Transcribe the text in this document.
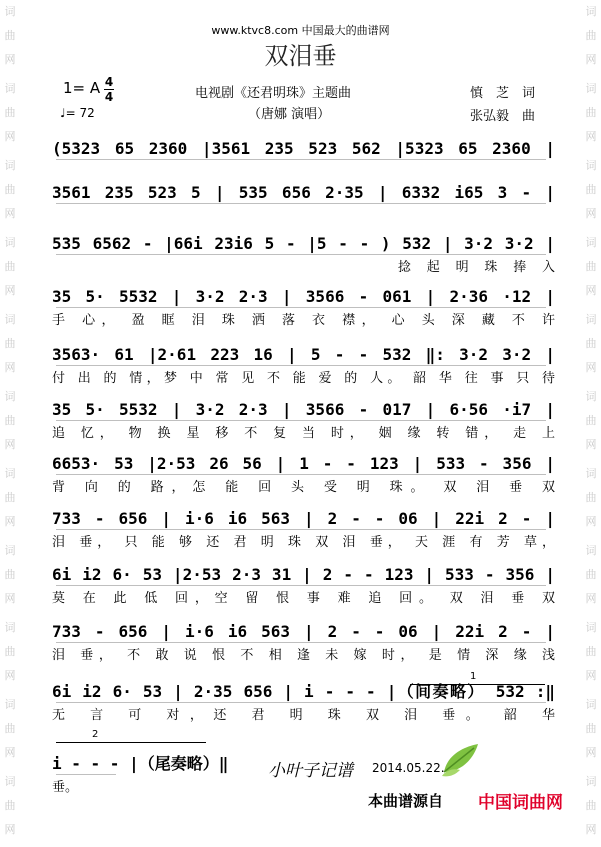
词
曲
网
词
曲
网
词
曲
网
词
曲
网
词
曲
网
词
曲
网
词
曲
网
词
曲
网
词
曲
网
词
曲
网
词
曲
网
词
曲
网
词
曲
网
词
曲
网
词
曲
网
词
曲
网
词
曲
网
词
曲
网
词
曲
网
词
曲
网
词
曲
网
词
曲
网
www.ktvc8.com 中国最大的曲谱网
双泪垂
1= A 4
4
♩= 72
电视剧《还君明珠》主题曲
（唐娜 演唱）
慎　芝　词
张弘毅　曲
(5323 65 2360 |3561 235 523 562 |5323 65 2360 |
3561 235 523 5 | 535 656 2·35 | 6332 i65 3 - |
535 6562 - |66i 23i6 5 - |5 - - ) 532 | 3·2 3·2 |
捻 起 明 珠 捧 入
35 5· 5532 | 3·2 2·3 | 3566 - 061 | 2·36 ·12 |
手 心， 盈 眶 泪 珠 洒 落 衣 襟， 心 头 深 藏 不 许
3563· 61 |2·61 223 16 | 5 - - 532 ‖: 3·2 3·2 |
付 出 的 情，梦 中 常 见 不 能 爱 的 人。 韶 华 往 事 只 待
35 5· 5532 | 3·2 2·3 | 3566 - 017 | 6·56 ·i7 |
追 忆， 物 换 星 移 不 复 当 时， 姻 缘 转 错， 走 上
6653· 53 |2·53 26 56 | 1 - - 123 | 533 - 356 |
背 向 的 路，怎 能 回 头 受 明 珠。 双 泪 垂 双
733 - 656 | i·6 i6 563 | 2 - - 06 | 22i 2 - |
泪 垂， 只 能 够 还 君 明 珠 双 泪 垂， 天 涯 有 芳 草，
6i i2 6· 53 |2·53 2·3 31 | 2 - - 123 | 533 - 356 |
莫 在 此 低 回，空 留 恨 事 难 追 回。 双 泪 垂 双
733 - 656 | i·6 i6 563 | 2 - - 06 | 22i 2 - |
泪 垂， 不 敢 说 恨 不 相 逢 未 嫁 时， 是 情 深 缘 浅
6i i2 6· 53 | 2·35 656 | i - - - |（间奏略） 532 :‖
无 言 可 对，还 君 明 珠 双 泪 垂。 韶 华
i - - - |（尾奏略）‖
垂。
1
2
小叶子记谱 2014.05.22.
本曲谱源自 中国词曲网
